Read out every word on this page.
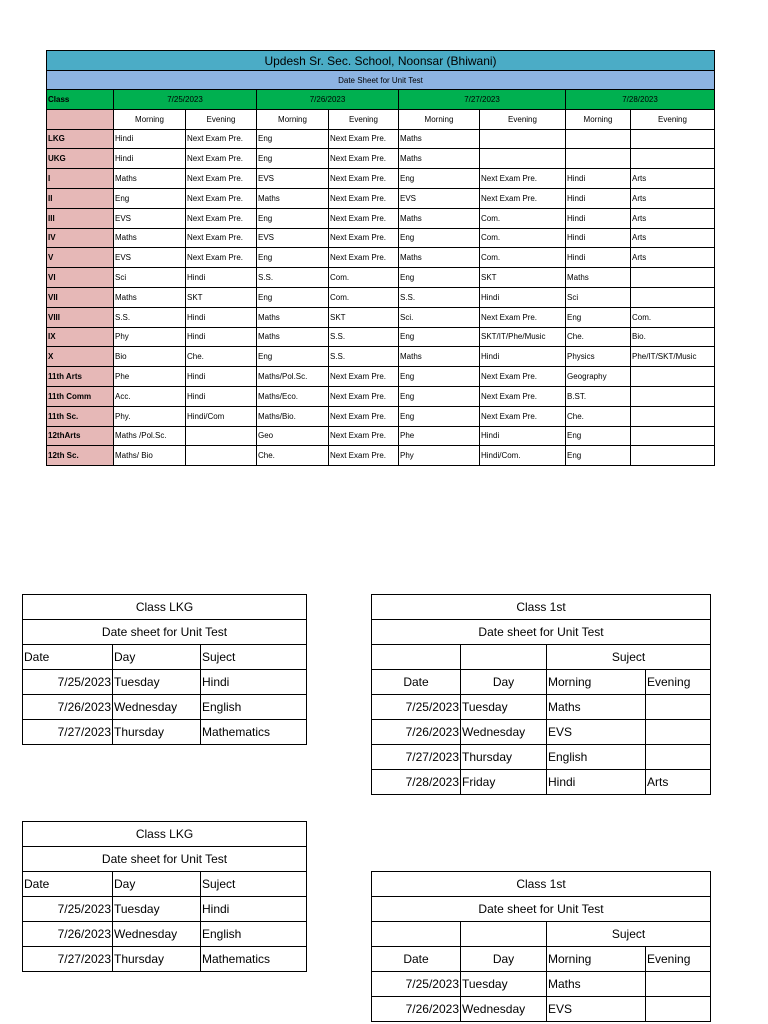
Updesh Sr. Sec. School, Noonsar (Bhiwani)								
Date Sheet for Unit Test								
Class	7/25/2023		7/26/2023		7/27/2023		7/28/2023	
	Morning	Evening	Morning	Evening	Morning	Evening	Morning	Evening
LKG	Hindi	Next Exam Pre.	Eng	Next Exam Pre.	Maths			
UKG	Hindi	Next Exam Pre.	Eng	Next Exam Pre.	Maths			
I	Maths	Next Exam Pre.	EVS	Next Exam Pre.	Eng	Next Exam Pre.	Hindi	Arts
II	Eng	Next Exam Pre.	Maths	Next Exam Pre.	EVS	Next Exam Pre.	Hindi	Arts
III	EVS	Next Exam Pre.	Eng	Next Exam Pre.	Maths	Com.	Hindi	Arts
IV	Maths	Next Exam Pre.	EVS	Next Exam Pre.	Eng	Com.	Hindi	Arts
V	EVS	Next Exam Pre.	Eng	Next Exam Pre.	Maths	Com.	Hindi	Arts
VI	Sci	Hindi	S.S.	Com.	Eng	SKT	Maths	
VII	Maths	SKT	Eng	Com.	S.S.	Hindi	Sci	
VIII	S.S.	Hindi	Maths	SKT	Sci.	Next Exam Pre.	Eng	Com.
IX	Phy	Hindi	Maths	S.S.	Eng	SKT/IT/Phe/Music	Che.	Bio.
X	Bio	Che.	Eng	S.S.	Maths	Hindi	Physics	Phe/IT/SKT/Music
11th Arts	Phe	Hindi	Maths/Pol.Sc.	Next Exam Pre.	Eng	Next Exam Pre.	Geography	
11th Comm	Acc.	Hindi	Maths/Eco.	Next Exam Pre.	Eng	Next Exam Pre.	B.ST.	
11th Sc.	Phy.	Hindi/Com	Maths/Bio.	Next Exam Pre.	Eng	Next Exam Pre.	Che.	
12thArts	Maths /Pol.Sc.		Geo	Next Exam Pre.	Phe	Hindi	Eng	
12th Sc.	Maths/ Bio		Che.	Next Exam Pre.	Phy	Hindi/Com.	Eng	
Class LKG		
Date sheet for Unit Test		
Date	Day	Suject
7/25/2023	Tuesday	Hindi
7/26/2023	Wednesday	English
7/27/2023	Thursday	Mathematics
Class LKG		
Date sheet for Unit Test		
Date	Day	Suject
7/25/2023	Tuesday	Hindi
7/26/2023	Wednesday	English
7/27/2023	Thursday	Mathematics
Class 1st			
Date sheet for Unit Test			
		Suject	
Date	Day	Morning	Evening
7/25/2023	Tuesday	Maths	
7/26/2023	Wednesday	EVS	
7/27/2023	Thursday	English	
7/28/2023	Friday	Hindi	Arts
Class 1st			
Date sheet for Unit Test			
		Suject	
Date	Day	Morning	Evening
7/25/2023	Tuesday	Maths	
7/26/2023	Wednesday	EVS	
